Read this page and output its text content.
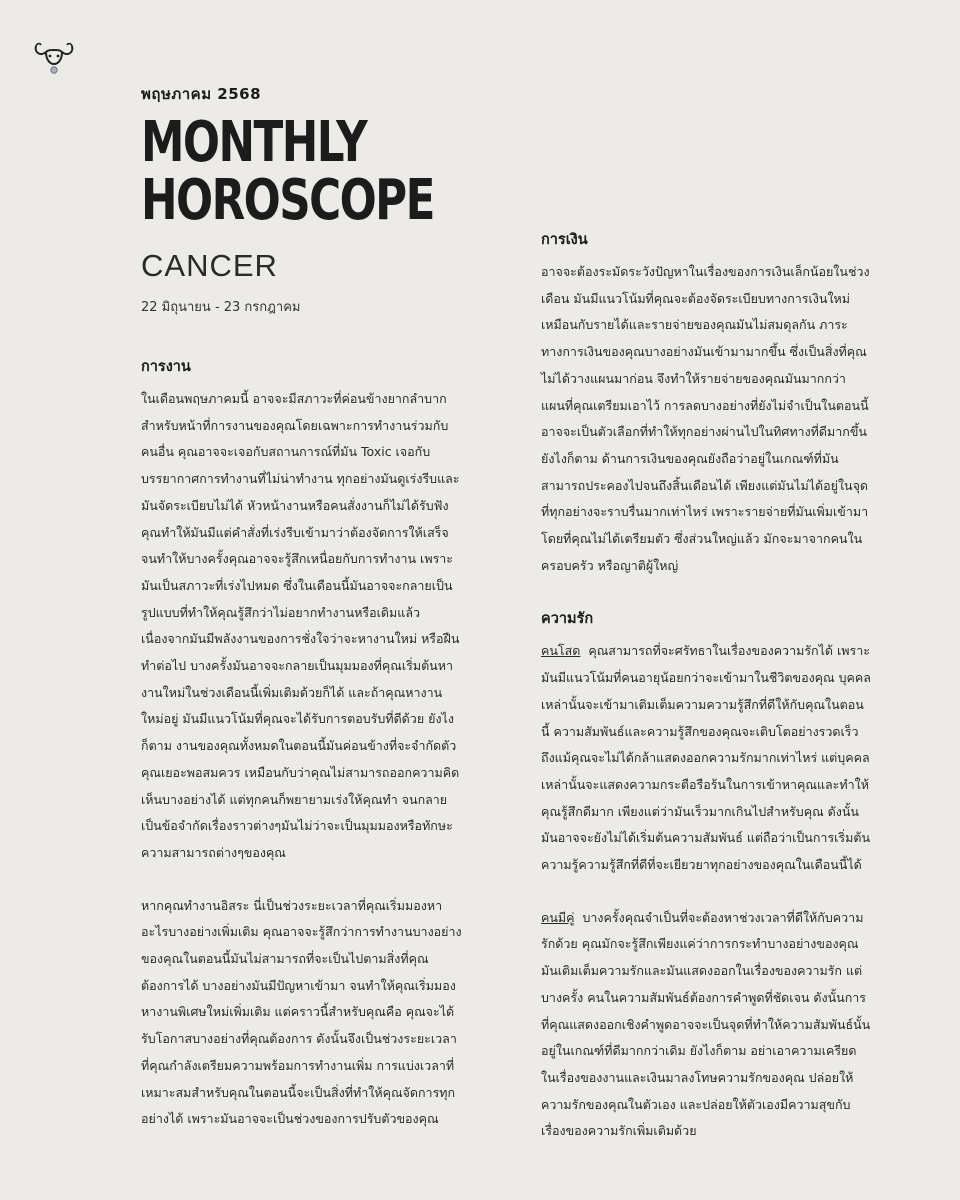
พฤษภาคม 2568

MONTHLY
HOROSCOPE

CANCER

22 มิถุนายน - 23 กรกฎาคม

การงาน

ในเดือนพฤษภาคมนี้ อาจจะมีสภาวะที่ค่อนข้างยากลำบากสำหรับหน้าที่การงานของคุณโดยเฉพาะการทำงานร่วมกับคนอื่น คุณอาจจะเจอกับสถานการณ์ที่มัน Toxic เจอกับบรรยากาศการทำงานที่ไม่น่าทำงาน ทุกอย่างมันดูเร่งรีบและมันจัดระเบียบไม่ได้ หัวหน้างานหรือคนสั่งงานก็ไม่ได้รับฟังคุณทำให้มันมีแต่คำสั่งที่เร่งรีบเข้ามาว่าต้องจัดการให้เสร็จ จนทำให้บางครั้งคุณอาจจะรู้สึกเหนื่อยกับการทำงาน เพราะมันเป็นสภาวะที่เร่งไปหมด ซึ่งในเดือนนี้มันอาจจะกลายเป็นรูปแบบที่ทำให้คุณรู้สึกว่าไม่อยากทำงานหรือเดิมแล้ว เนื่องจากมันมีพลังงานของการชั่งใจว่าจะหางานใหม่ หรือฝืนทำต่อไป บางครั้งมันอาจจะกลายเป็นมุมมองที่คุณเริ่มต้นหางานใหม่ในช่วงเดือนนี้เพิ่มเติมด้วยก็ได้ และถ้าคุณหางานใหม่อยู่ มันมีแนวโน้มที่คุณจะได้รับการตอบรับที่ดีด้วย ยังไงก็ตาม งานของคุณทั้งหมดในตอนนี้มันค่อนข้างที่จะจำกัดตัวคุณเยอะพอสมควร เหมือนกับว่าคุณไม่สามารถออกความคิดเห็นบางอย่างได้ แต่ทุกคนก็พยายามเร่งให้คุณทำ จนกลายเป็นข้อจำกัดเรื่องราวต่างๆมันไม่ว่าจะเป็นมุมมองหรือทักษะความสามารถต่างๆของคุณ

หากคุณทำงานอิสระ นี่เป็นช่วงระยะเวลาที่คุณเริ่มมองหาอะไรบางอย่างเพิ่มเติม คุณอาจจะรู้สึกว่าการทำงานบางอย่างของคุณในตอนนี้มันไม่สามารถที่จะเป็นไปตามสิ่งที่คุณต้องการได้ บางอย่างมันมีปัญหาเข้ามา จนทำให้คุณเริ่มมองหางานพิเศษใหม่เพิ่มเติม แต่คราวนี้สำหรับคุณคือ คุณจะได้รับโอกาสบางอย่างที่คุณต้องการ ดังนั้นจึงเป็นช่วงระยะเวลาที่คุณกำลังเตรียมความพร้อมการทำงานเพิ่ม การแบ่งเวลาที่เหมาะสมสำหรับคุณในตอนนี้จะเป็นสิ่งที่ทำให้คุณจัดการทุกอย่างได้ เพราะมันอาจจะเป็นช่วงของการปรับตัวของคุณ

การเงิน

อาจจะต้องระมัดระวังปัญหาในเรื่องของการเงินเล็กน้อยในช่วงเดือน มันมีแนวโน้มที่คุณจะต้องจัดระเบียบทางการเงินใหม่ เหมือนกับรายได้และรายจ่ายของคุณมันไม่สมดุลกัน ภาระทางการเงินของคุณบางอย่างมันเข้ามามากขึ้น ซึ่งเป็นสิ่งที่คุณไม่ได้วางแผนมาก่อน จึงทำให้รายจ่ายของคุณมันมากกว่าแผนที่คุณเตรียมเอาไว้ การลดบางอย่างที่ยังไม่จำเป็นในตอนนี้อาจจะเป็นตัวเลือกที่ทำให้ทุกอย่างผ่านไปในทิศทางที่ดีมากขึ้น ยังไงก็ตาม ด้านการเงินของคุณยังถือว่าอยู่ในเกณฑ์ที่มันสามารถประคองไปจนถึงสิ้นเดือนได้ เพียงแต่มันไม่ได้อยู่ในจุดที่ทุกอย่างจะราบรื่นมากเท่าไหร่ เพราะรายจ่ายที่มันเพิ่มเข้ามาโดยที่คุณไม่ได้เตรียมตัว ซึ่งส่วนใหญ่แล้ว มักจะมาจากคนในครอบครัว หรือญาติผู้ใหญ่

ความรัก

คนโสด คุณสามารถที่จะศรัทธาในเรื่องของความรักได้ เพราะมันมีแนวโน้มที่คนอายุน้อยกว่าจะเข้ามาในชีวิตของคุณ บุคคลเหล่านั้นจะเข้ามาเติมเต็มความความรู้สึกที่ดีให้กับคุณในตอนนี้ ความสัมพันธ์และความรู้สึกของคุณจะเติบโตอย่างรวดเร็ว ถึงแม้คุณจะไม่ได้กล้าแสดงออกความรักมากเท่าไหร่ แต่บุคคลเหล่านั้นจะแสดงความกระตือรือร้นในการเข้าหาคุณและทำให้คุณรู้สึกดีมาก เพียงแต่ว่ามันเร็วมากเกินไปสำหรับคุณ ดังนั้นมันอาจจะยังไม่ได้เริ่มต้นความสัมพันธ์ แต่ถือว่าเป็นการเริ่มต้นความรู้ความรู้สึกที่ดีที่จะเยียวยาทุกอย่างของคุณในเดือนนี้ได้

คนมีคู่ บางครั้งคุณจำเป็นที่จะต้องหาช่วงเวลาที่ดีให้กับความรักด้วย คุณมักจะรู้สึกเพียงแค่ว่าการกระทำบางอย่างของคุณมันเติมเต็มความรักและมันแสดงออกในเรื่องของความรัก แต่บางครั้ง คนในความสัมพันธ์ต้องการคำพูดที่ชัดเจน ดังนั้นการที่คุณแสดงออกเชิงคำพูดอาจจะเป็นจุดที่ทำให้ความสัมพันธ์นั้นอยู่ในเกณฑ์ที่ดีมากกว่าเดิม ยังไงก็ตาม อย่าเอาความเครียดในเรื่องของงานและเงินมาลงโทษความรักของคุณ ปล่อยให้ความรักของคุณในตัวเอง และปล่อยให้ตัวเองมีความสุขกับเรื่องของความรักเพิ่มเติมด้วย
